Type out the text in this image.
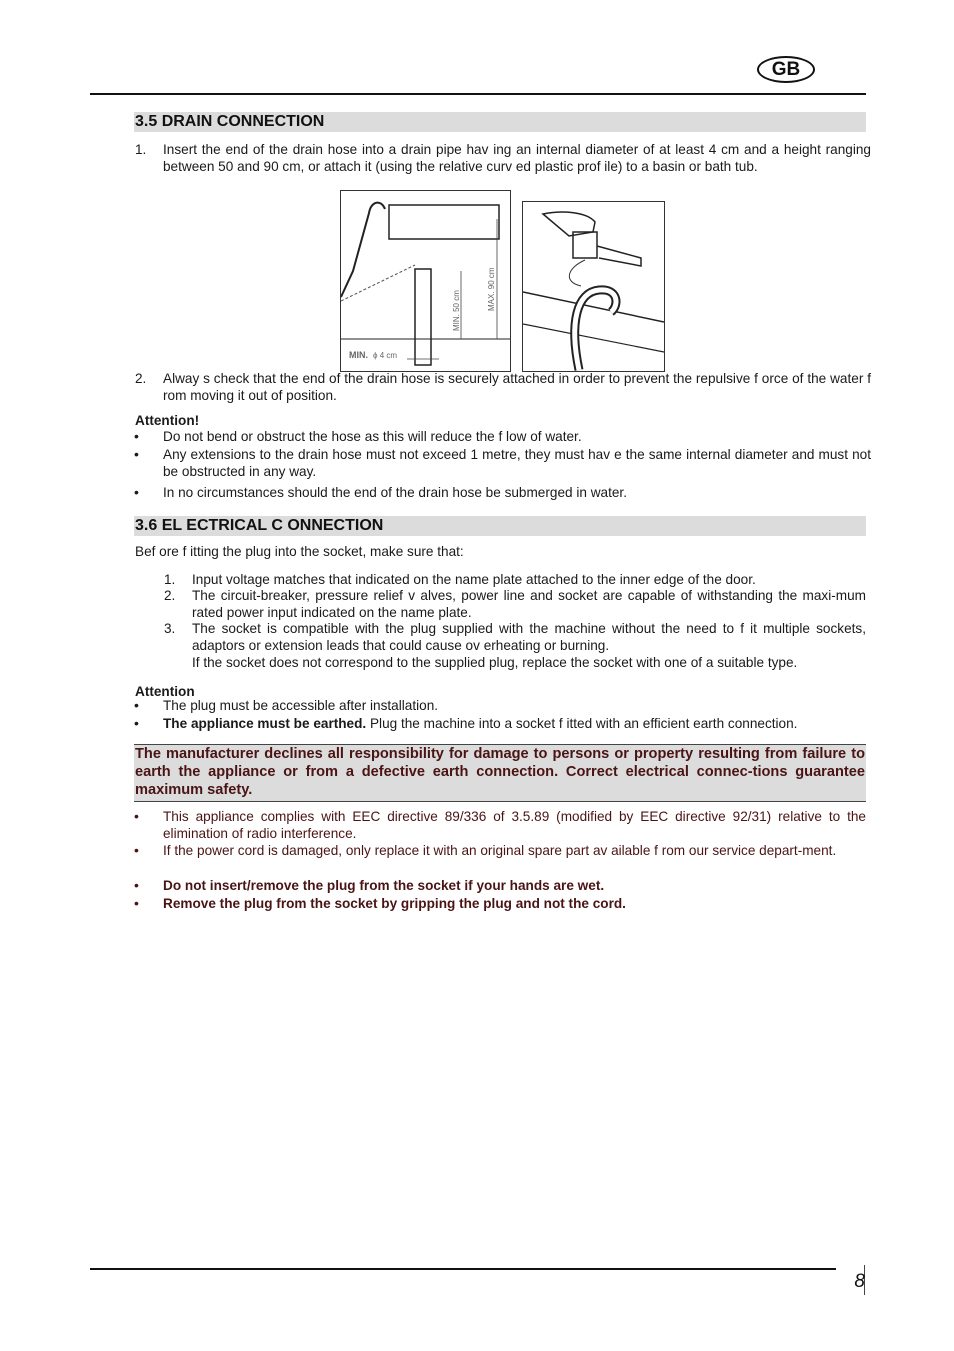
GB
3.5 DRAIN CONNECTION
1. Insert the end of the drain hose into a drain pipe hav ing an internal diameter of at least 4 cm and a height ranging between 50 and 90 cm, or attach it (using the relative curv ed plastic prof ile) to a basin or bath tub.

MIN. 50 cm	MAX. 90 cm
MIN. ϕ 4 cm
2. Alway s check that the end of the drain hose is securely attached in order to prevent the repulsive f orce of the water f rom moving it out of position.

Attention!
• Do not bend or obstruct the hose as this will reduce the f low of water.

• Any extensions to the drain hose must not exceed 1 metre, they must hav e the same internal diameter and must not be obstructed in any way.

• In no circumstances should the end of the drain hose be submerged in water.

3.6 EL ECTRICAL C ONNECTION

Bef ore f itting the plug into the socket, make sure that:

1. Input voltage matches that indicated on the name plate attached to the inner edge of the door.

2. The circuit-breaker, pressure relief v alves, power line and socket are capable of withstanding the maxi-mum rated power input indicated on the name plate.

3. The socket is compatible with the plug supplied with the machine without the need to f it multiple sockets, adaptors or extension leads that could cause ov erheating or burning.

If the socket does not correspond to the supplied plug, replace the socket with one of a suitable type.

Attention
• The plug must be accessible after installation.

• The appliance must be earthed. Plug the machine into a socket f itted with an efficient earth connection.

The manufacturer declines all responsibility for damage to persons or property resulting from failure to earth the appliance or from a defective earth connection. Correct electrical connec-tions guarantee maximum safety.
• This appliance complies with EEC directive 89/336 of 3.5.89 (modified by EEC directive 92/31) relative to the elimination of radio interference.

• If the power cord is damaged, only replace it with an original spare part av ailable f rom our service depart-ment.

• Do not insert/remove the plug from the socket if your hands are wet.

• Remove the plug from the socket by gripping the plug and not the cord.

8
